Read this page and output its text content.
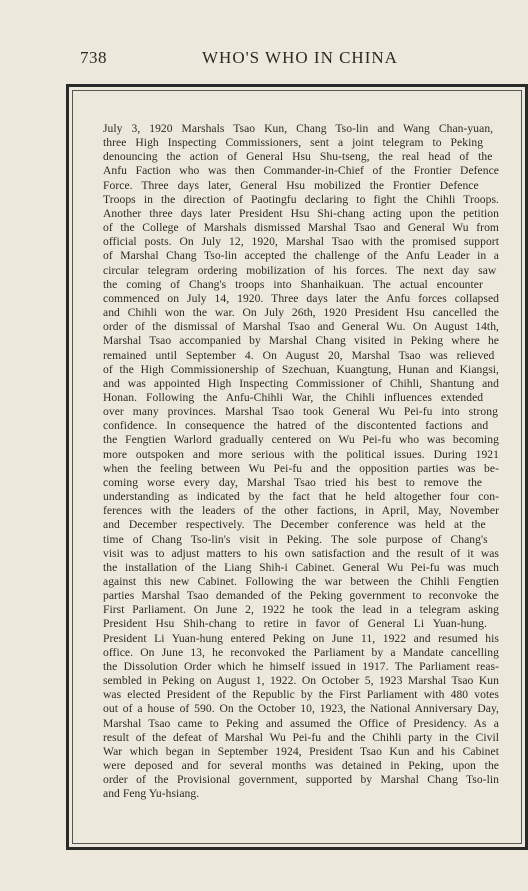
738	WHO'S WHO IN CHINA
July 3, 1920 Marshals Tsao Kun, Chang Tso-lin and Wang Chan-yuan,
three High Inspecting Commissioners, sent a joint telegram to Peking
denouncing the action of General Hsu Shu-tseng, the real head of the
Anfu Faction who was then Commander-in-Chief of the Frontier Defence
Force. Three days later, General Hsu mobilized the Frontier Defence
Troops in the direction of Paotingfu declaring to fight the Chihli Troops.
Another three days later President Hsu Shi-chang acting upon the petition
of the College of Marshals dismissed Marshal Tsao and General Wu from
official posts. On July 12, 1920, Marshal Tsao with the promised support
of Marshal Chang Tso-lin accepted the challenge of the Anfu Leader in a
circular telegram ordering mobilization of his forces. The next day saw
the coming of Chang's troops into Shanhaikuan. The actual encounter
commenced on July 14, 1920. Three days later the Anfu forces collapsed
and Chihli won the war. On July 26th, 1920 President Hsu cancelled the
order of the dismissal of Marshal Tsao and General Wu. On August 14th,
Marshal Tsao accompanied by Marshal Chang visited in Peking where he
remained until September 4. On August 20, Marshal Tsao was relieved
of the High Commissionership of Szechuan, Kuangtung, Hunan and Kiangsi,
and was appointed High Inspecting Commissioner of Chihli, Shantung and
Honan. Following the Anfu-Chihli War, the Chihli influences extended
over many provinces. Marshal Tsao took General Wu Pei-fu into strong
confidence. In consequence the hatred of the discontented factions and
the Fengtien Warlord gradually centered on Wu Pei-fu who was becoming
more outspoken and more serious with the political issues. During 1921
when the feeling between Wu Pei-fu and the opposition parties was be-
coming worse every day, Marshal Tsao tried his best to remove the
understanding as indicated by the fact that he held altogether four con-
ferences with the leaders of the other factions, in April, May, November
and December respectively. The December conference was held at the
time of Chang Tso-lin's visit in Peking. The sole purpose of Chang's
visit was to adjust matters to his own satisfaction and the result of it was
the installation of the Liang Shih-i Cabinet. General Wu Pei-fu was much
against this new Cabinet. Following the war between the Chihli Fengtien
parties Marshal Tsao demanded of the Peking government to reconvoke the
First Parliament. On June 2, 1922 he took the lead in a telegram asking
President Hsu Shih-chang to retire in favor of General Li Yuan-hung.
President Li Yuan-hung entered Peking on June 11, 1922 and resumed his
office. On June 13, he reconvoked the Parliament by a Mandate cancelling
the Dissolution Order which he himself issued in 1917. The Parliament reas-
sembled in Peking on August 1, 1922. On October 5, 1923 Marshal Tsao Kun
was elected President of the Republic by the First Parliament with 480 votes
out of a house of 590. On the October 10, 1923, the National Anniversary Day,
Marshal Tsao came to Peking and assumed the Office of Presidency. As a
result of the defeat of Marshal Wu Pei-fu and the Chihli party in the Civil
War which began in September 1924, President Tsao Kun and his Cabinet
were deposed and for several months was detained in Peking, upon the
order of the Provisional government, supported by Marshal Chang Tso-lin
and Feng Yu-hsiang.
